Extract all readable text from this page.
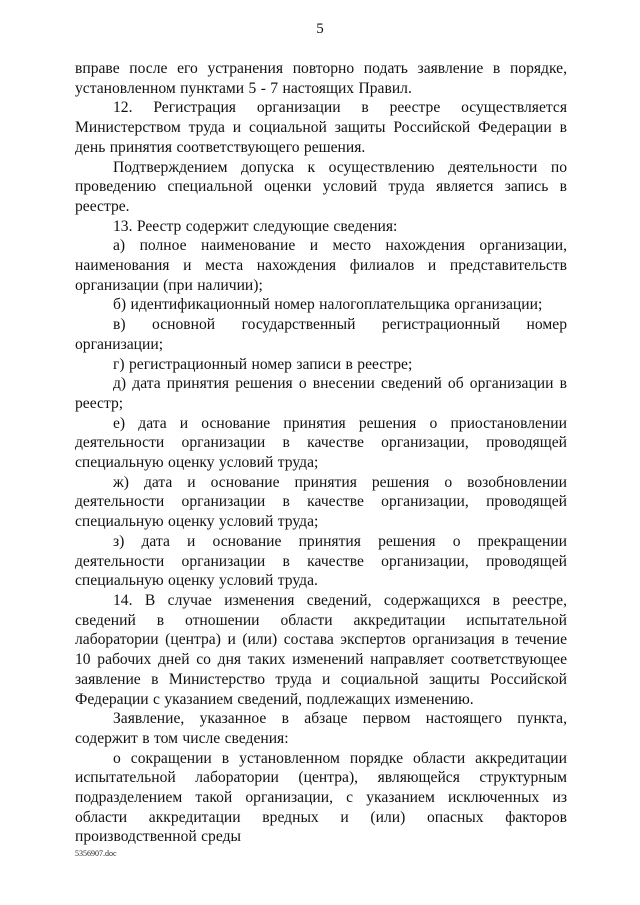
5

вправе после его устранения повторно подать заявление в порядке, установленном пунктами 5 - 7 настоящих Правил.

12. Регистрация организации в реестре осуществляется Министерством труда и социальной защиты Российской Федерации в день принятия соответствующего решения.

Подтверждением допуска к осуществлению деятельности по проведению специальной оценки условий труда является запись в реестре.

13. Реестр содержит следующие сведения:

а) полное наименование и место нахождения организации, наименования и места нахождения филиалов и представительств организации (при наличии);

б) идентификационный номер налогоплательщика организации;

в) основной государственный регистрационный номер организации;

г) регистрационный номер записи в реестре;

д) дата принятия решения о внесении сведений об организации в реестр;

е) дата и основание принятия решения о приостановлении деятельности организации в качестве организации, проводящей специальную оценку условий труда;

ж) дата и основание принятия решения о возобновлении деятельности организации в качестве организации, проводящей специальную оценку условий труда;

з) дата и основание принятия решения о прекращении деятельности организации в качестве организации, проводящей специальную оценку условий труда.

14. В случае изменения сведений, содержащихся в реестре, сведений в отношении области аккредитации испытательной лаборатории (центра) и (или) состава экспертов организация в течение 10 рабочих дней со дня таких изменений направляет соответствующее заявление в Министерство труда и социальной защиты Российской Федерации с указанием сведений, подлежащих изменению.

Заявление, указанное в абзаце первом настоящего пункта, содержит в том числе сведения:

о сокращении в установленном порядке области аккредитации испытательной лаборатории (центра), являющейся структурным подразделением такой организации, с указанием исключенных из области аккредитации вредных и (или) опасных факторов производственной среды

5356907.doc
